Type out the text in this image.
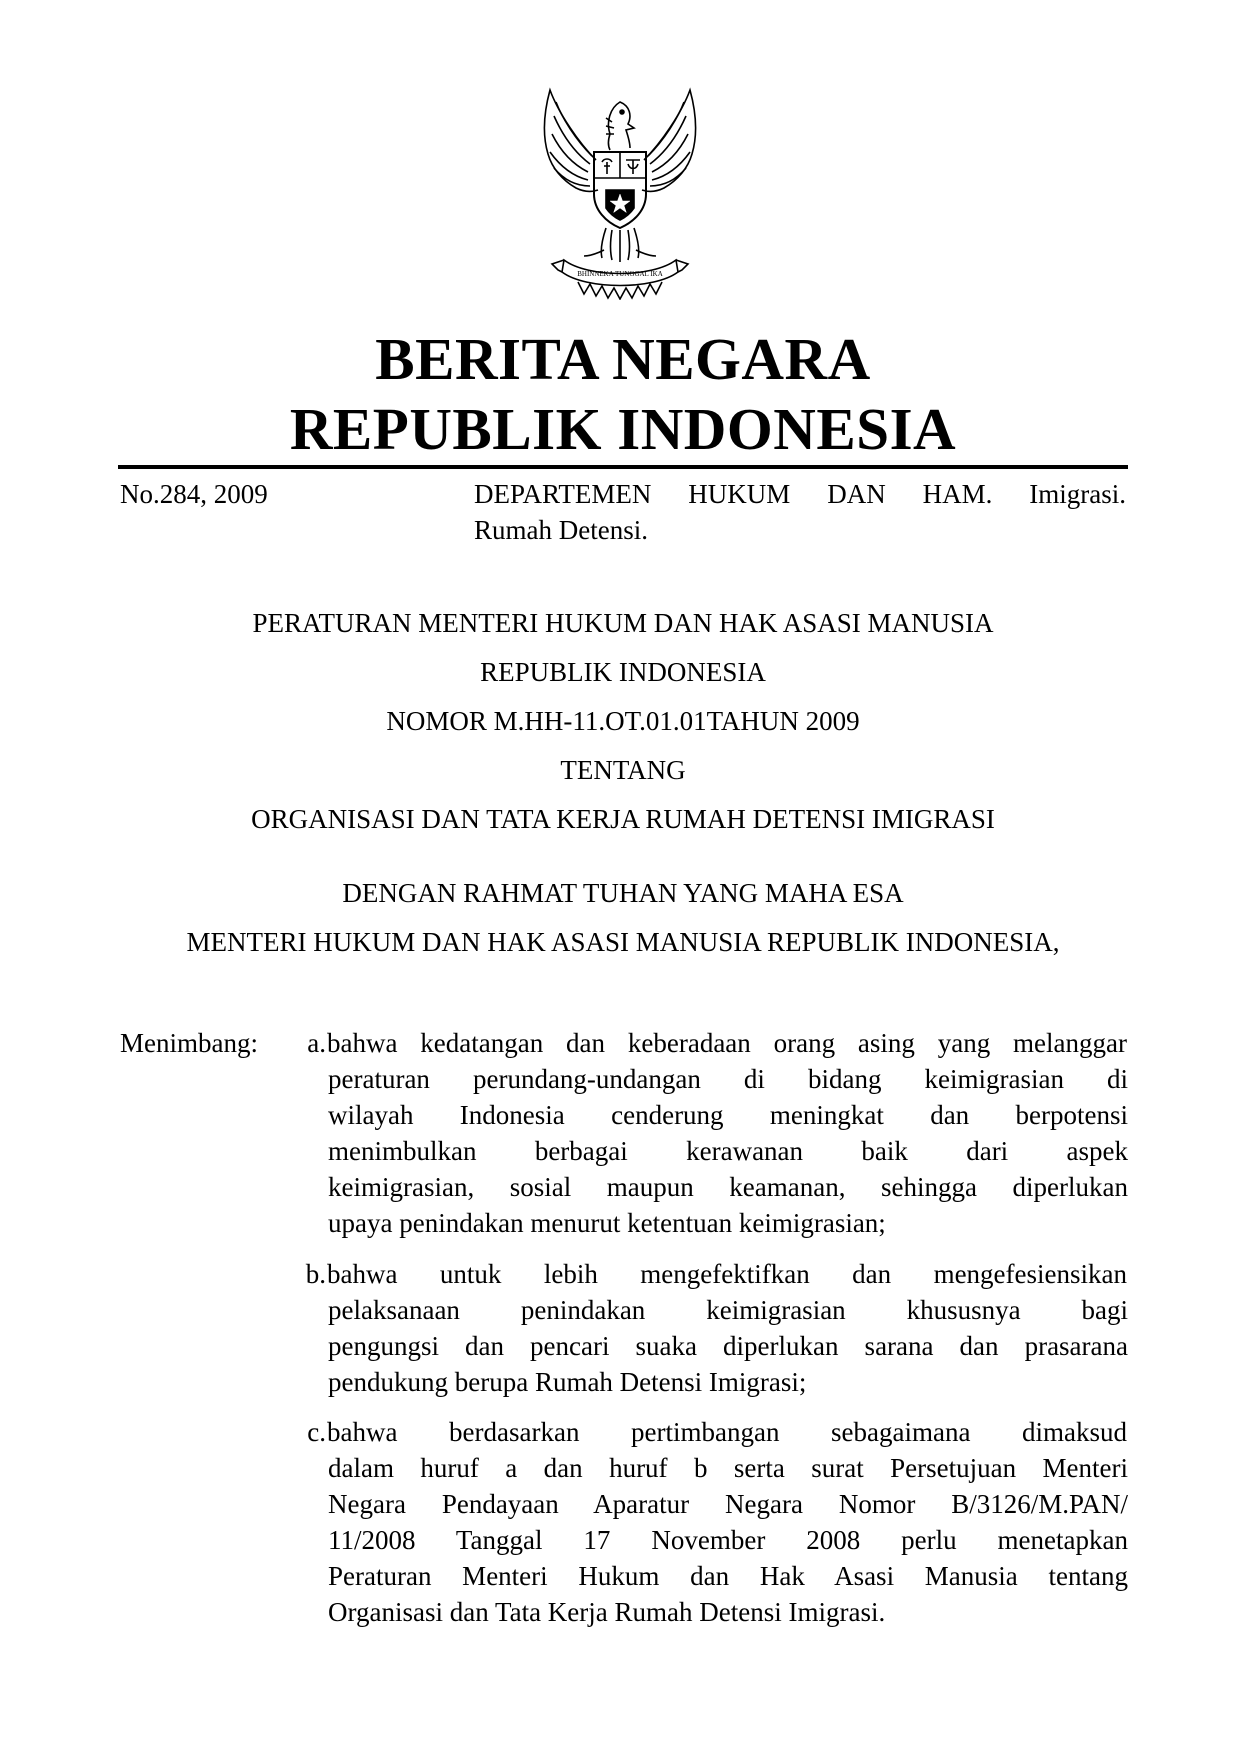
BHINNEKA TUNGGAL IKA
BERITA NEGARA
REPUBLIK INDONESIA
No.284, 2009	DEPARTEMEN HUKUM DAN HAM. Imigrasi.
Rumah Detensi.
PERATURAN MENTERI HUKUM DAN HAK ASASI MANUSIA
REPUBLIK INDONESIA
NOMOR M.HH-11.OT.01.01TAHUN 2009
TENTANG
ORGANISASI DAN TATA KERJA RUMAH DETENSI IMIGRASI
DENGAN RAHMAT TUHAN YANG MAHA ESA
MENTERI HUKUM DAN HAK ASASI MANUSIA REPUBLIK INDONESIA,
Menimbang:	a. bahwa kedatangan dan keberadaan orang asing yang melanggar
peraturan perundang-undangan di bidang keimigrasian di
wilayah Indonesia cenderung meningkat dan berpotensi
menimbulkan berbagai kerawanan baik dari aspek
keimigrasian, sosial maupun keamanan, sehingga diperlukan
upaya penindakan menurut ketentuan keimigrasian;
b. bahwa untuk lebih mengefektifkan dan mengefesiensikan
pelaksanaan penindakan keimigrasian khususnya bagi
pengungsi dan pencari suaka diperlukan sarana dan prasarana
pendukung berupa Rumah Detensi Imigrasi;
c. bahwa berdasarkan pertimbangan sebagaimana dimaksud
dalam huruf a dan huruf b serta surat Persetujuan Menteri
Negara Pendayaan Aparatur Negara Nomor B/3126/M.PAN/
11/2008 Tanggal 17 November 2008 perlu menetapkan
Peraturan Menteri Hukum dan Hak Asasi Manusia tentang
Organisasi dan Tata Kerja Rumah Detensi Imigrasi.
